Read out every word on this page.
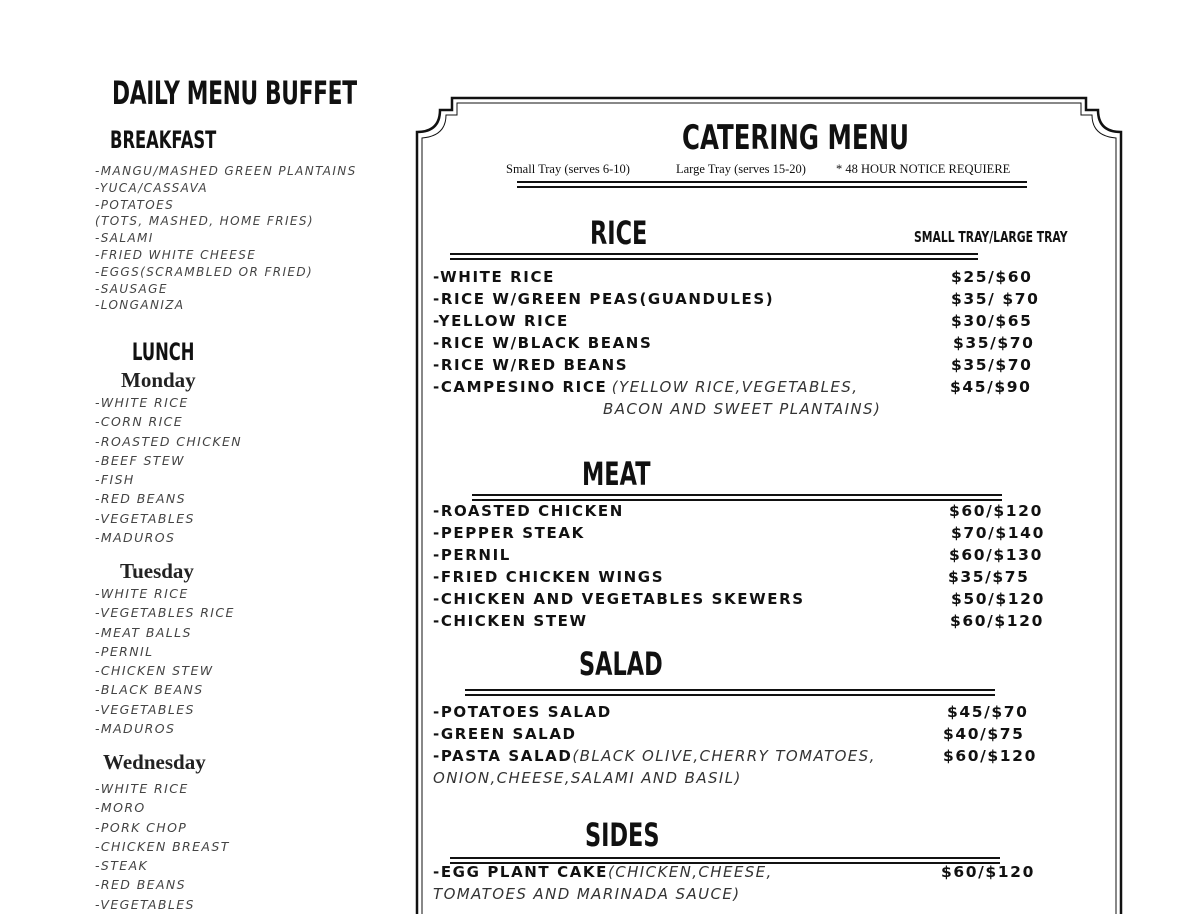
DAILY MENU BUFFET
BREAKFAST
-MANGU/MASHED GREEN PLANTAINS
-YUCA/CASSAVA
-POTATOES
(TOTS, MASHED, HOME FRIES)
-SALAMI
-FRIED WHITE CHEESE
-EGGS(SCRAMBLED OR FRIED)
-SAUSAGE
-LONGANIZA
LUNCH
Monday
-WHITE RICE
-CORN RICE
-ROASTED CHICKEN
-BEEF STEW
-FISH
-RED BEANS
-VEGETABLES
-MADUROS
Tuesday
-WHITE RICE
-VEGETABLES RICE
-MEAT BALLS
-PERNIL
-CHICKEN STEW
-BLACK BEANS
-VEGETABLES
-MADUROS
Wednesday
-WHITE RICE
-MORO
-PORK CHOP
-CHICKEN BREAST
-STEAK
-RED BEANS
-VEGETABLES
CATERING MENU

Small Tray (serves 6-10)	Large Tray (serves 15-20) * 48 HOUR NOTICE REQUIERE

RICE	SMALL TRAY/LARGE TRAY
-WHITE RICE	$25/$60
-RICE W/GREEN PEAS(GUANDULES)	$35/ $70
-YELLOW RICE	$30/$65
-RICE W/BLACK BEANS	$35/$70
-RICE W/RED BEANS	$35/$70
-CAMPESINO RICE (YELLOW RICE,VEGETABLES,	$45/$90
BACON AND SWEET PLANTAINS)
MEAT
-ROASTED CHICKEN	$60/$120
-PEPPER STEAK	$70/$140
-PERNIL	$60/$130
-FRIED CHICKEN WINGS	$35/$75
-CHICKEN AND VEGETABLES SKEWERS	$50/$120
-CHICKEN STEW	$60/$120
SALAD
-POTATOES SALAD	$45/$70
-GREEN SALAD	$40/$75
-PASTA SALAD(BLACK OLIVE,CHERRY TOMATOES,	$60/$120
ONION,CHEESE,SALAMI AND BASIL)
SIDES
-EGG PLANT CAKE(CHICKEN,CHEESE,	$60/$120
TOMATOES AND MARINADA SAUCE)
